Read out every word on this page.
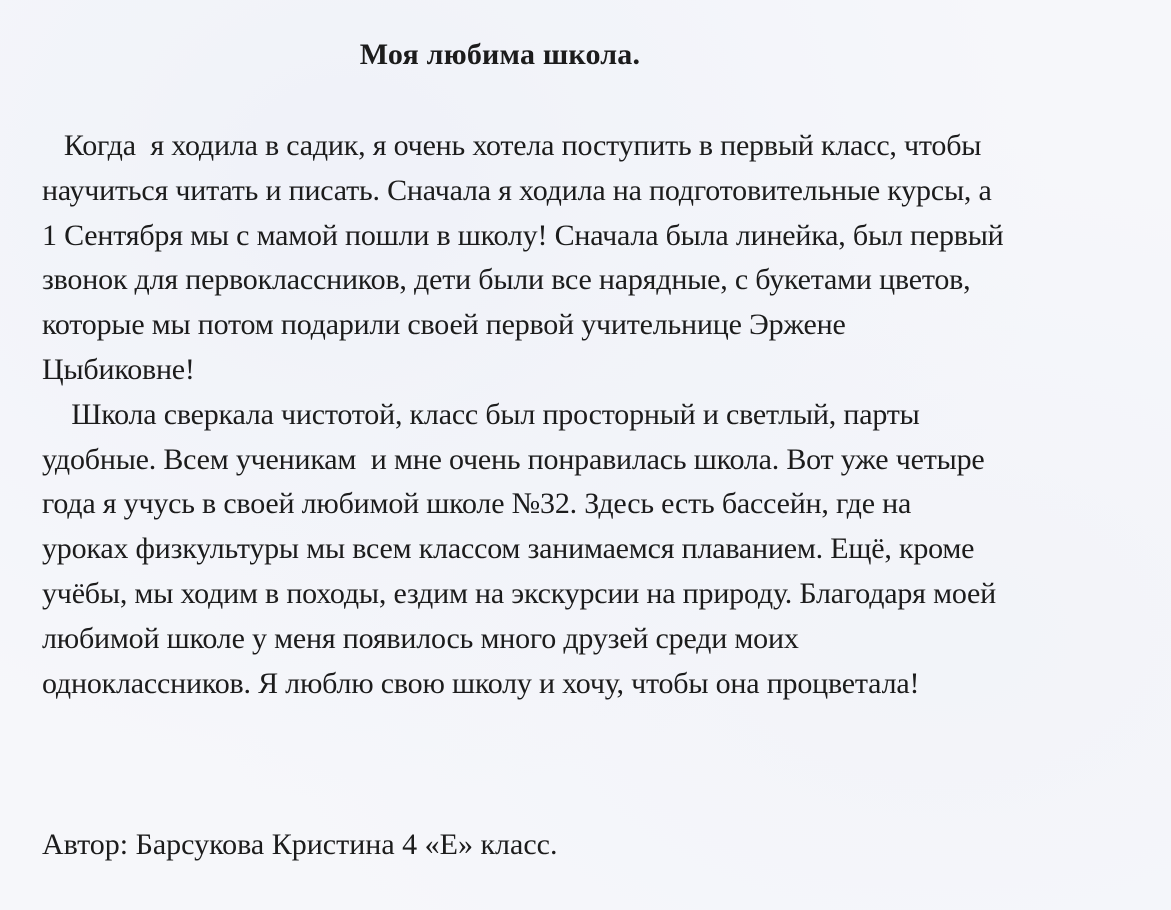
Моя любима школа.
Когда  я ходила в садик, я очень хотела поступить в первый класс, чтобы
научиться читать и писать. Сначала я ходила на подготовительные курсы, а
1 Сентября мы с мамой пошли в школу! Сначала была линейка, был первый
звонок для первоклассников, дети были все нарядные, с букетами цветов,
которые мы потом подарили своей первой учительнице Эржене
Цыбиковне!
Школа сверкала чистотой, класс был просторный и светлый, парты
удобные. Всем ученикам  и мне очень понравилась школа. Вот уже четыре
года я учусь в своей любимой школе №32. Здесь есть бассейн, где на
уроках физкультуры мы всем классом занимаемся плаванием. Ещё, кроме
учёбы, мы ходим в походы, ездим на экскурсии на природу. Благодаря моей
любимой школе у меня появилось много друзей среди моих
одноклассников. Я люблю свою школу и хочу, чтобы она процветала!
Автор: Барсукова Кристина 4 «Е» класс.
